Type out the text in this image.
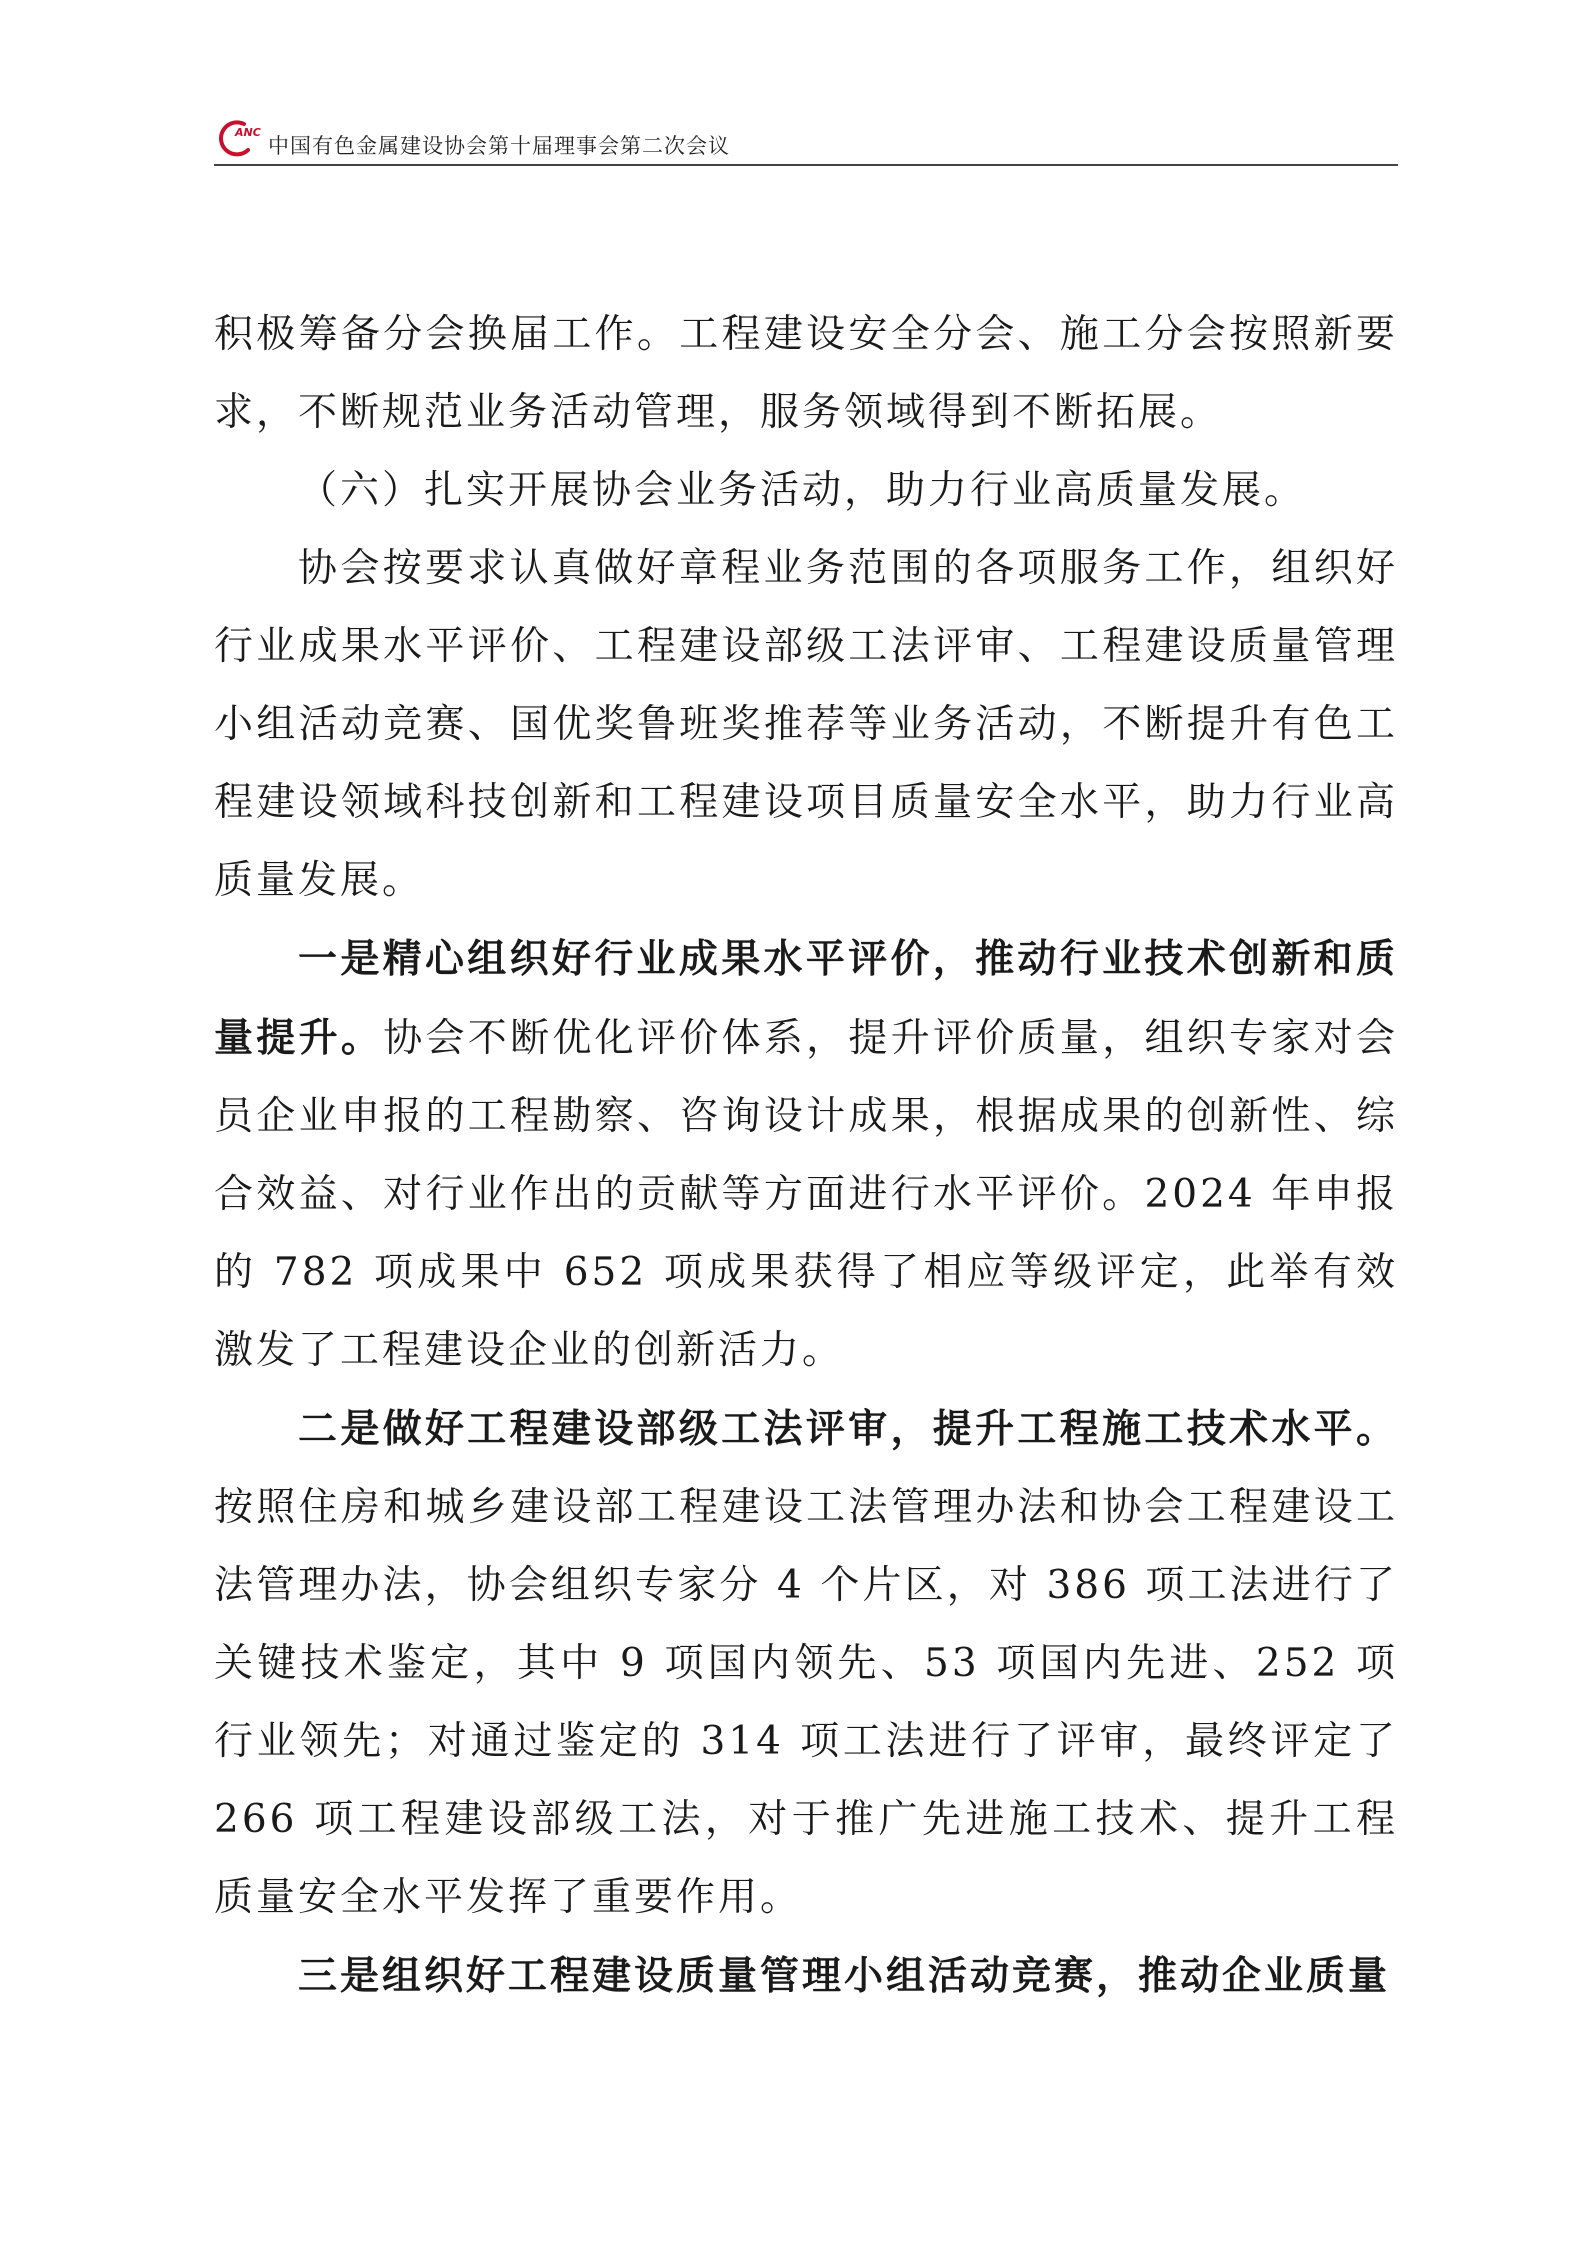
ANC
中国有色金属建设协会第十届理事会第二次会议

积极筹备分会换届工作。工程建设安全分会、施工分会按照新要求，不断规范业务活动管理，服务领域得到不断拓展。

（六）扎实开展协会业务活动，助力行业高质量发展。

协会按要求认真做好章程业务范围的各项服务工作，组织好行业成果水平评价、工程建设部级工法评审、工程建设质量管理小组活动竞赛、国优奖鲁班奖推荐等业务活动，不断提升有色工程建设领域科技创新和工程建设项目质量安全水平，助力行业高质量发展。

一是精心组织好行业成果水平评价，推动行业技术创新和质量提升。协会不断优化评价体系，提升评价质量，组织专家对会员企业申报的工程勘察、咨询设计成果，根据成果的创新性、综合效益、对行业作出的贡献等方面进行水平评价。2024 年申报的 782 项成果中 652 项成果获得了相应等级评定，此举有效激发了工程建设企业的创新活力。

二是做好工程建设部级工法评审，提升工程施工技术水平。按照住房和城乡建设部工程建设工法管理办法和协会工程建设工法管理办法，协会组织专家分 4 个片区，对 386 项工法进行了关键技术鉴定，其中 9 项国内领先、53 项国内先进、252 项行业领先；对通过鉴定的 314 项工法进行了评审，最终评定了 266 项工程建设部级工法，对于推广先进施工技术、提升工程质量安全水平发挥了重要作用。

三是组织好工程建设质量管理小组活动竞赛，推动企业质量
